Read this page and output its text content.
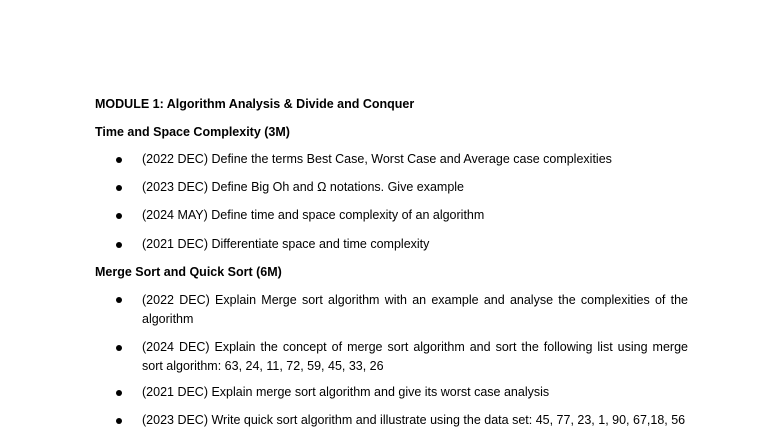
MODULE 1: Algorithm Analysis & Divide and Conquer
Time and Space Complexity (3M)
(2022 DEC) Define the terms Best Case, Worst Case and Average case complexities
(2023 DEC) Define Big Oh and Ω notations. Give example
(2024 MAY) Define time and space complexity of an algorithm
(2021 DEC) Differentiate space and time complexity
Merge Sort and Quick Sort (6M)
(2022 DEC) Explain Merge sort algorithm with an example and analyse the complexities of the algorithm
(2024 DEC) Explain the concept of merge sort algorithm and sort the following list using merge sort algorithm: 63, 24, 11, 72, 59, 45, 33, 26
(2021 DEC) Explain merge sort algorithm and give its worst case analysis
(2023 DEC) Write quick sort algorithm and illustrate using the data set: 45, 77, 23, 1, 90, 67,18, 56
